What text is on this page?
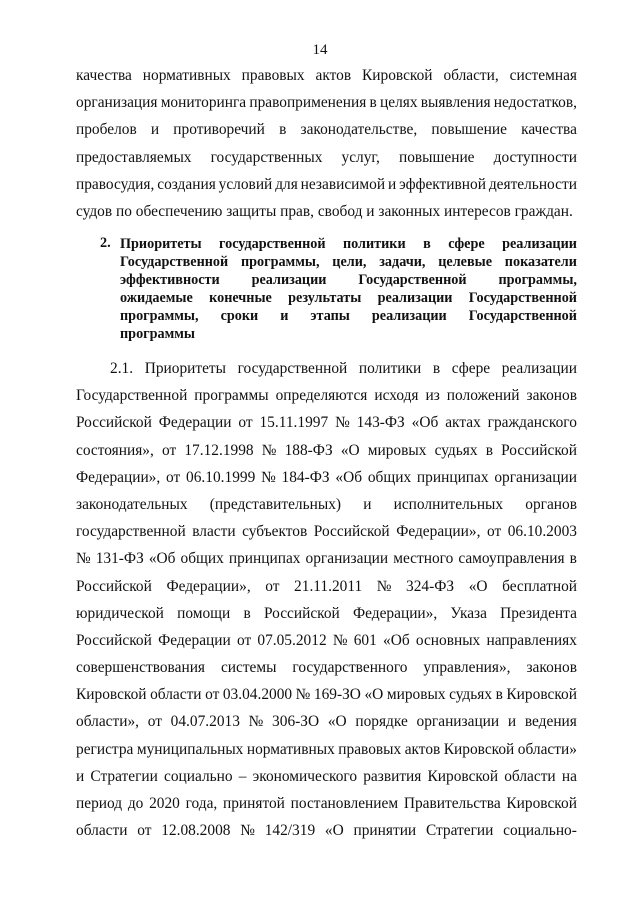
14
качества нормативных правовых актов Кировской области, системная
организация мониторинга правоприменения в целях выявления недостатков,
пробелов и противоречий в законодательстве, повышение качества
предоставляемых государственных услуг, повышение доступности
правосудия, создания условий для независимой и эффективной деятельности
судов по обеспечению защиты прав, свобод и законных интересов граждан.
2. Приоритеты государственной политики в сфере реализации
Государственной программы, цели, задачи, целевые показатели
эффективности реализации Государственной программы,
ожидаемые конечные результаты реализации Государственной
программы, сроки и этапы реализации Государственной
программы
2.1. Приоритеты государственной политики в сфере реализации
Государственной программы определяются исходя из положений законов
Российской Федерации от 15.11.1997 № 143-ФЗ «Об актах гражданского
состояния», от 17.12.1998 № 188-ФЗ «О мировых судьях в Российской
Федерации», от 06.10.1999 № 184-ФЗ «Об общих принципах организации
законодательных (представительных) и исполнительных органов
государственной власти субъектов Российской Федерации», от 06.10.2003
№ 131-ФЗ «Об общих принципах организации местного самоуправления в
Российской Федерации», от 21.11.2011 № 324-ФЗ «О бесплатной
юридической помощи в Российской Федерации», Указа Президента
Российской Федерации от 07.05.2012 № 601 «Об основных направлениях
совершенствования системы государственного управления», законов
Кировской области от 03.04.2000 № 169-ЗО «О мировых судьях в Кировской
области», от 04.07.2013 № 306-ЗО «О порядке организации и ведения
регистра муниципальных нормативных правовых актов Кировской области»
и Стратегии социально – экономического развития Кировской области на
период до 2020 года, принятой постановлением Правительства Кировской
области от 12.08.2008 № 142/319 «О принятии Стратегии социально-
